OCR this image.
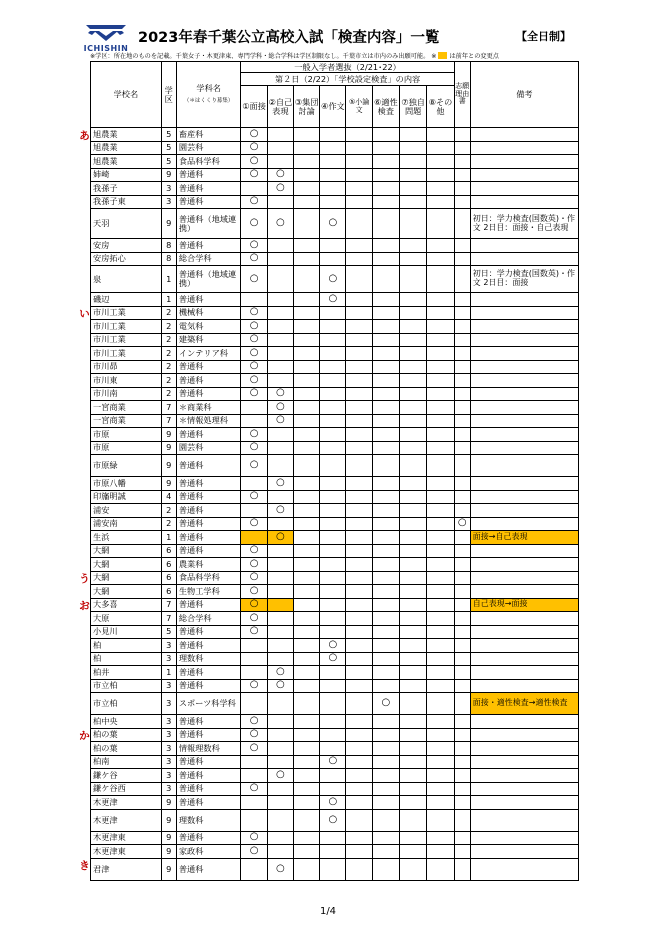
ICHISHIN
2023年春千葉公立高校入試「検査内容」一覧	【全日制】
※学区：所在地のものを記載。千葉女子・木更津東、専門学科・総合学科は学区制限なし。千葉市立は市内のみ出願可能。 ※ は前年との変更点
学校名	学区	学科名
（＊はくくり募集）	一般入学者選抜（2/21･22）								志願理由書	備考
			第２日（2/22）「学校設定検査」の内容									
			①面接	②自己表現	③集団討論	④作文	⑤小論文	⑥適性検査	⑦独自問題	⑧その他		
旭農業	5	畜産科	○									
旭農業	5	園芸科	○									
旭農業	5	食品科学科	○									
姉崎	9	普通科	○	○								
我孫子	3	普通科		○								
我孫子東	3	普通科	○									
天羽	9	普通科（地域連携）	○	○		○						初日：学力検査(国数英)・作文 2日目：面接・自己表現
安房	8	普通科	○									
安房拓心	8	総合学科	○									
泉	1	普通科（地域連携）	○			○						初日：学力検査(国数英)・作文 2日目：面接
磯辺	1	普通科				○						
市川工業	2	機械科	○									
市川工業	2	電気科	○									
市川工業	2	建築科	○									
市川工業	2	インテリア科	○									
市川昴	2	普通科	○									
市川東	2	普通科	○									
市川南	2	普通科	○	○								
一宮商業	7	＊商業科		○								
一宮商業	7	＊情報処理科		○								
市原	9	普通科	○									
市原	9	園芸科	○									
市原緑	9	普通科	○									
市原八幡	9	普通科		○								
印旛明誠	4	普通科	○									
浦安	2	普通科		○								
浦安南	2	普通科	○								○	
生浜	1	普通科		○								面接→自己表現
大網	6	普通科	○									
大網	6	農業科	○									
大網	6	食品科学科	○									
大網	6	生物工学科	○									
大多喜	7	普通科	○									自己表現→面接
大原	7	総合学科	○									
小見川	5	普通科	○									
柏	3	普通科				○						
柏	3	理数科				○						
柏井	1	普通科		○								
市立柏	3	普通科	○	○								
市立柏	3	スポーツ科学科						○				面接・適性検査→適性検査
柏中央	3	普通科	○									
柏の葉	3	普通科	○									
柏の葉	3	情報理数科	○									
柏南	3	普通科				○						
鎌ケ谷	3	普通科		○								
鎌ケ谷西	3	普通科	○									
木更津	9	普通科				○						
木更津	9	理数科				○						
木更津東	9	普通科	○									
木更津東	9	家政科	○									
君津	9	普通科		○								
あ
い
う
お
か
き
1/4
